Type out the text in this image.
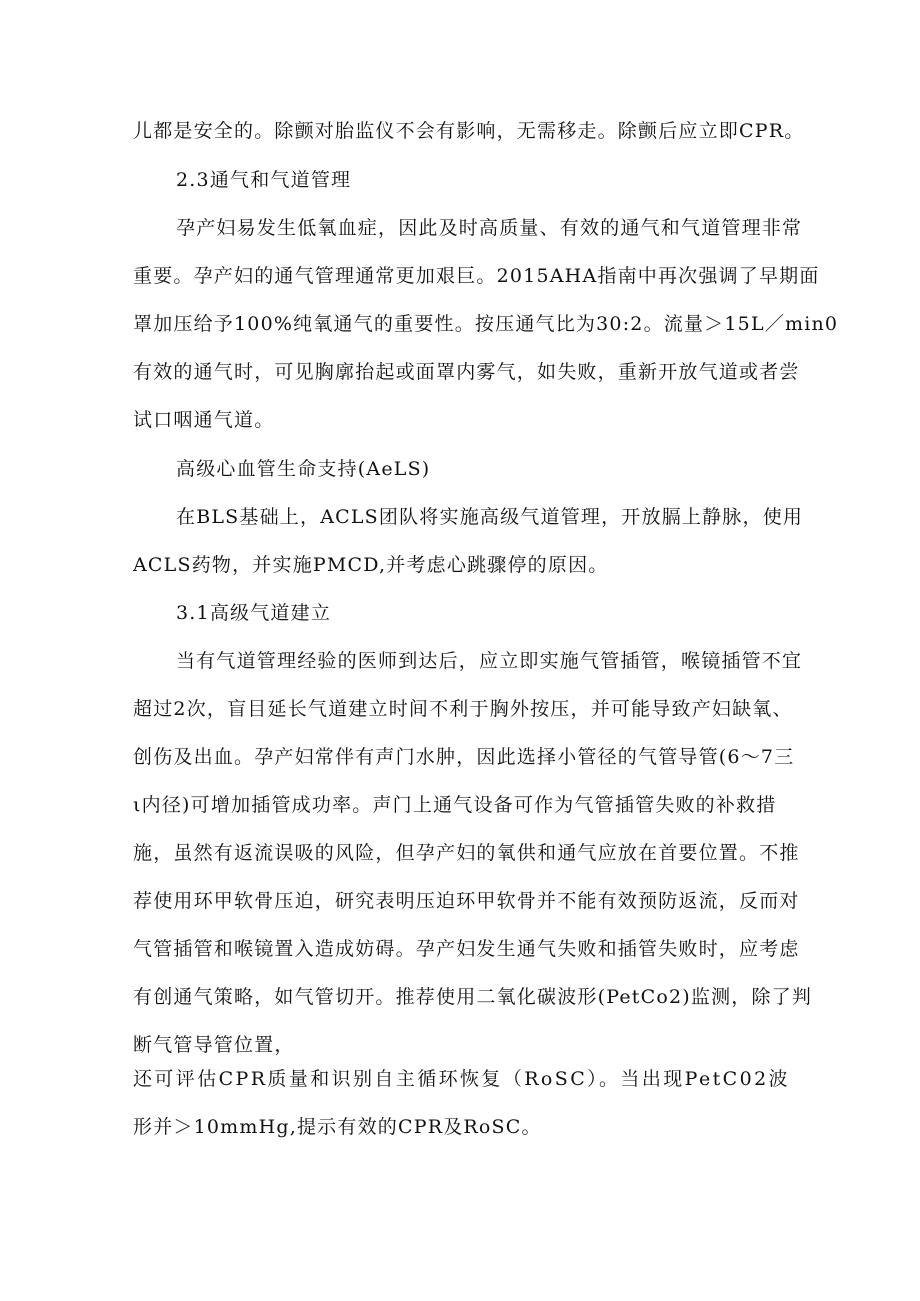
儿都是安全的。除颤对胎监仪不会有影响，无需移走。除颤后应立即CPR。
2.3通气和气道管理
孕产妇易发生低氧血症，因此及时高质量、有效的通气和气道管理非常
重要。孕产妇的通气管理通常更加艰巨。2015AHA指南中再次强调了早期面
罩加压给予100%纯氧通气的重要性。按压通气比为30:2。流量＞15L／min0
有效的通气时，可见胸廓抬起或面罩内雾气，如失败，重新开放气道或者尝
试口咽通气道。
高级心血管生命支持(AeLS)
在BLS基础上，ACLS团队将实施高级气道管理，开放膈上静脉，使用
ACLS药物，并实施PMCD,并考虑心跳骤停的原因。
3.1高级气道建立
当有气道管理经验的医师到达后，应立即实施气管插管，喉镜插管不宜
超过2次，盲目延长气道建立时间不利于胸外按压，并可能导致产妇缺氧、
创伤及出血。孕产妇常伴有声门水肿，因此选择小管径的气管导管(6～7三
ι内径)可增加插管成功率。声门上通气设备可作为气管插管失败的补救措
施，虽然有返流误吸的风险，但孕产妇的氧供和通气应放在首要位置。不推
荐使用环甲软骨压迫，研究表明压迫环甲软骨并不能有效预防返流，反而对
气管插管和喉镜置入造成妨碍。孕产妇发生通气失败和插管失败时，应考虑
有创通气策略，如气管切开。推荐使用二氧化碳波形(PetCo2)监测，除了判
断气管导管位置，
还可评估CPR质量和识别自主循环恢复（RoSC）。当出现PetC02波
形并＞10mmHg,提示有效的CPR及RoSC。
